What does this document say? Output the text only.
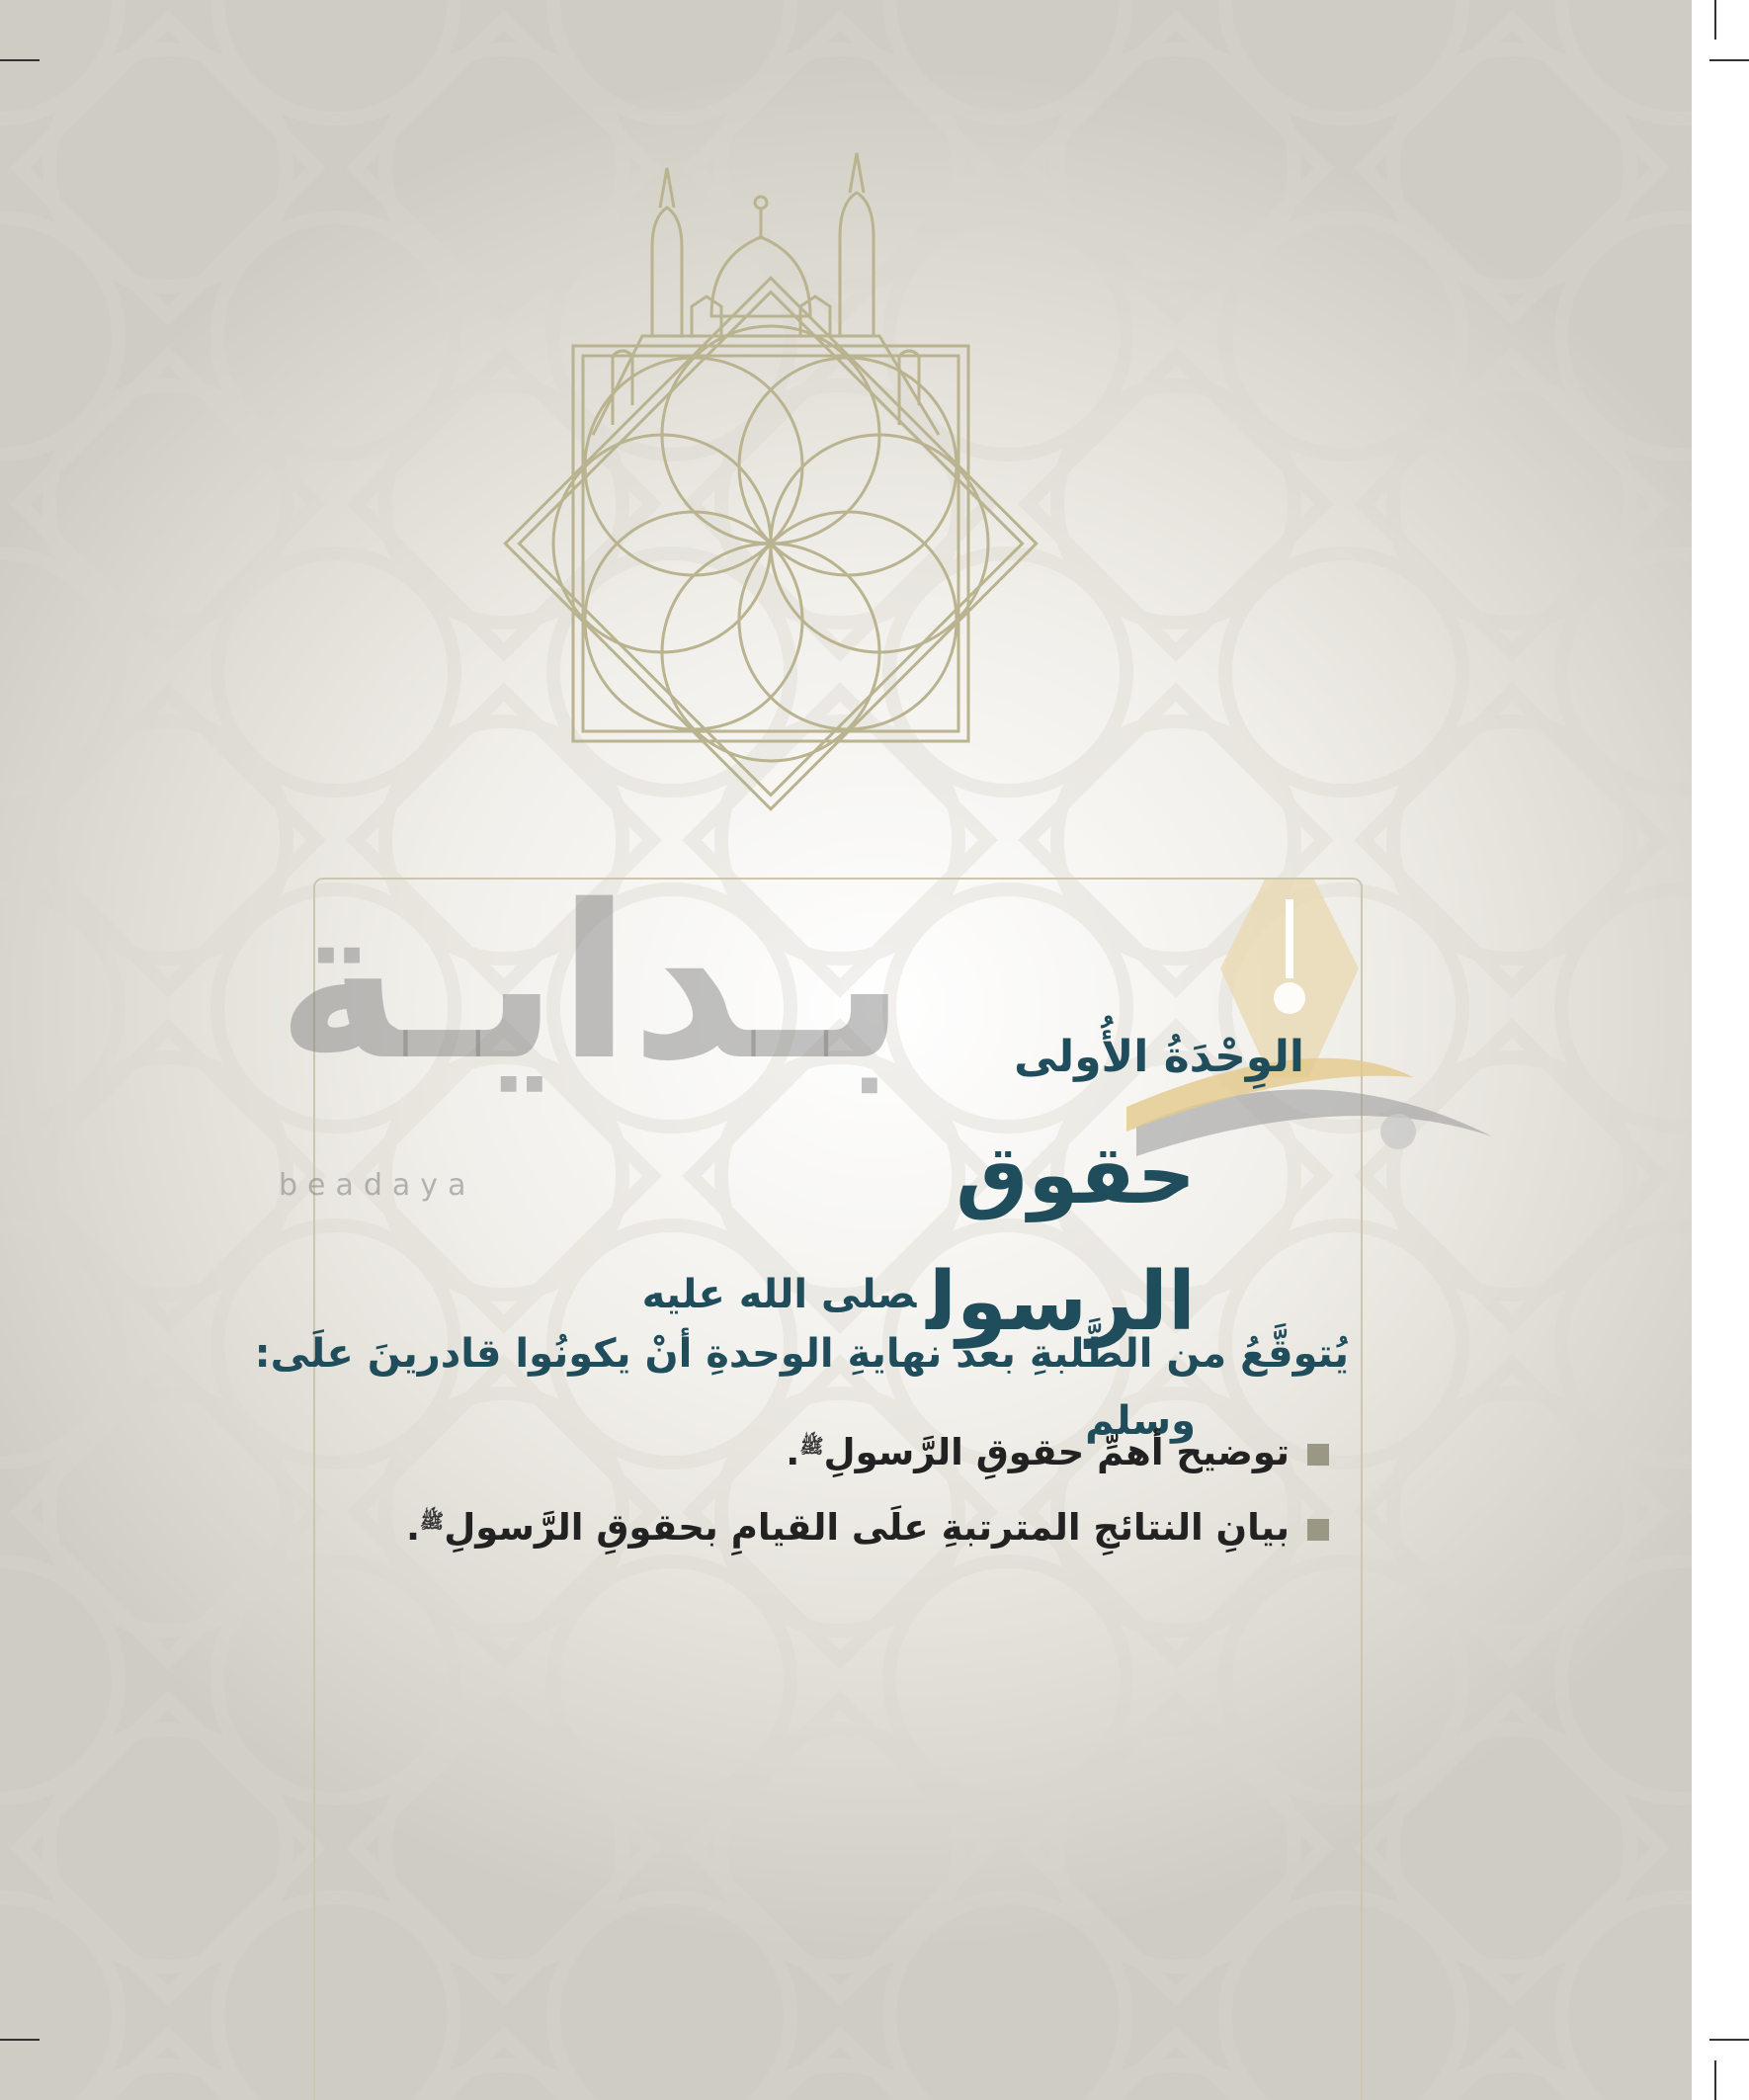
بـدايـة
beadaya
الوِحْدَةُ الأُولى
حقوق الرسول$^{صلى الله عليه وسلم}$
يُتوقَّعُ من الطَّلبةِ بعدَ نهايةِ الوحدةِ أنْ يكونُوا قادرينَ علَى:
توضيح أهمِّ حقوقِ الرَّسولِ$^ﷺ$.
بيانِ النتائجِ المترتبةِ علَى القيامِ بحقوقِ الرَّسولِ$^ﷺ$.
